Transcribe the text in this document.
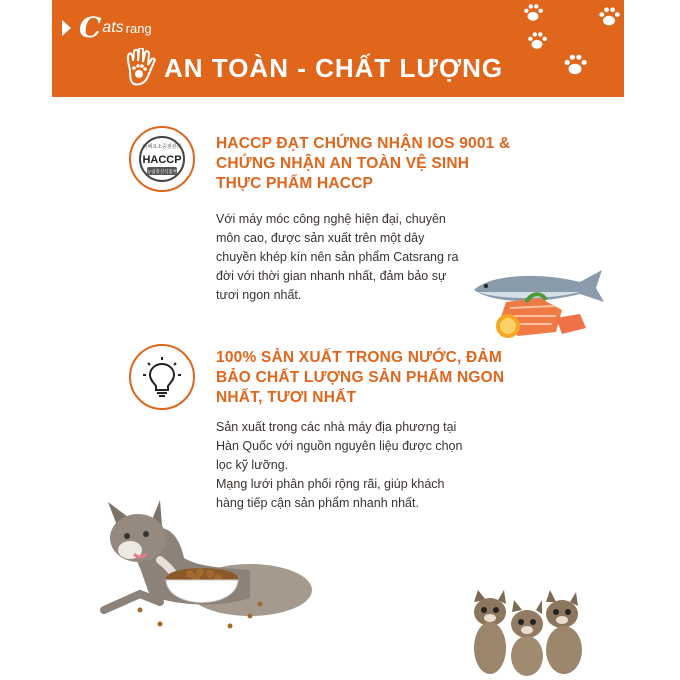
C ats rang
AN TOÀN - CHẤT LƯỢNG
위해요소중점관리
HACCP
농림축산식품부
HACCP ĐẠT CHỨNG NHẬN IOS 9001 &
CHỨNG NHẬN AN TOÀN VỆ SINH
THỰC PHẨM HACCP
Với máy móc công nghệ hiện đại, chuyên
môn cao, được sản xuất trên một dây
chuyền khép kín nên sản phẩm Catsrang ra
đời với thời gian nhanh nhất, đảm bảo sự
tươi ngon nhất.
100% SẢN XUẤT TRONG NƯỚC, ĐẢM
BẢO CHẤT LƯỢNG SẢN PHẨM NGON
NHẤT, TƯƠI NHẤT
Sản xuất trong các nhà máy địa phương tại
Hàn Quốc với nguồn nguyên liệu được chọn
lọc kỹ lưỡng.
Mạng lưới phân phối rộng rãi, giúp khách
hàng tiếp cận sản phẩm nhanh nhất.
